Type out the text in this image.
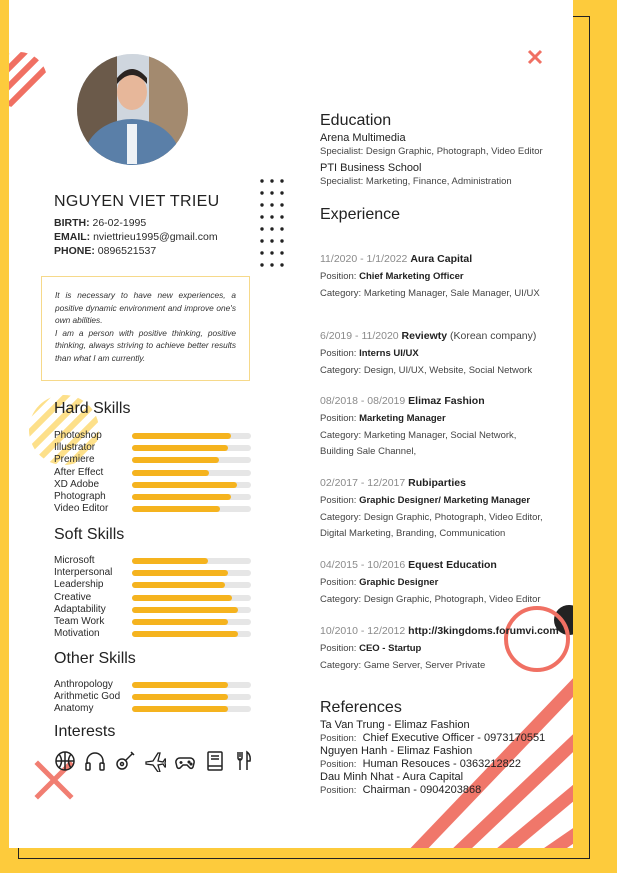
NGUYEN VIET TRIEU
BIRTH: 26-02-1995
EMAIL: nviettrieu1995@gmail.com
PHONE: 0896521537

It is necessary to have new experiences, a positive dynamic environment and improve one's own abilities.

I am a person with positive thinking, positive thinking, always striving to achieve better results than what I am currently.

Hard Skills
Photoshop
Illustrator
Premiere
After Effect
XD Adobe
Photograph
Video Editor
Soft Skills
Microsoft
Interpersonal
Leadership
Creative
Adaptability
Team Work
Motivation
Other Skills
Anthropology
Arithmetic God
Anatomy
Interests
Education
Arena Multimedia
Specialist: Design Graphic, Photograph, Video Editor
PTI Business School
Specialist: Marketing, Finance, Administration
Experience
11/2020 - 1/1/2022 Aura Capital
Position: Chief Marketing Officer
Category: Marketing Manager, Sale Manager, UI/UX
6/2019 - 11/2020 Reviewty (Korean company)
Position: Interns UI/UX
Category: Design, UI/UX, Website, Social Network
08/2018 - 08/2019 Elimaz Fashion
Position: Marketing Manager
Category: Marketing Manager, Social Network,
Building Sale Channel,
02/2017 - 12/2017 Rubiparties
Position: Graphic Designer/ Marketing Manager
Category: Design Graphic, Photograph, Video Editor,
Digital Marketing, Branding, Communication
04/2015 - 10/2016 Equest Education
Position: Graphic Designer
Category: Design Graphic, Photograph, Video Editor
10/2010 - 12/2012 http://3kingdoms.forumvi.com
Position: CEO - Startup
Category: Game Server, Server Private
References
Ta Van Trung - Elimaz Fashion
Position: Chief Executive Officer - 0973170551
Nguyen Hanh - Elimaz Fashion
Position: Human Resouces - 0363212822
Dau Minh Nhat - Aura Capital
Position: Chairman - 0904203868
